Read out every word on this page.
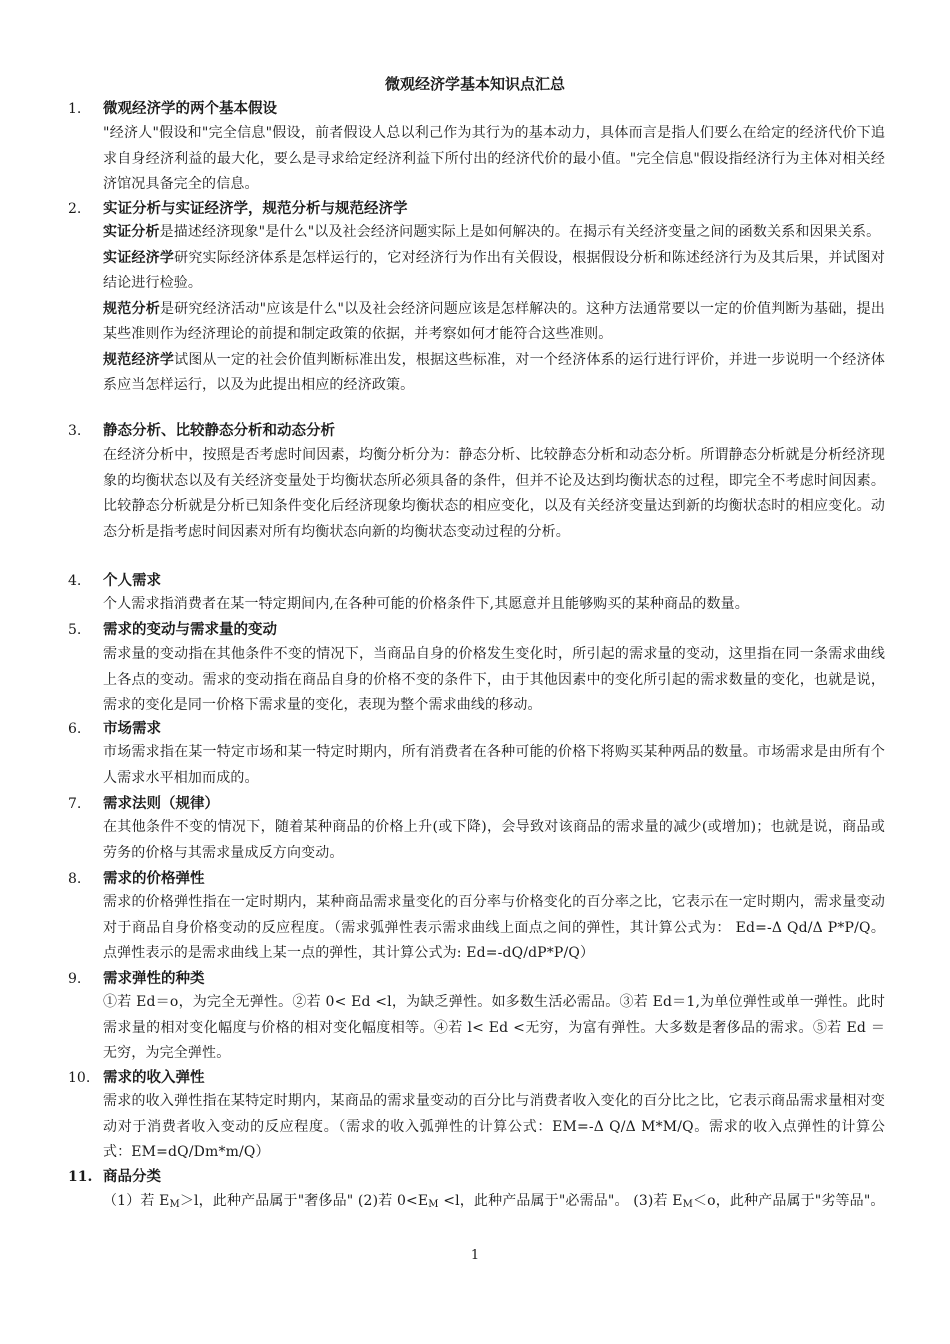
微观经济学基本知识点汇总
1. 微观经济学的两个基本假设

"经济人"假设和"完全信息"假设，前者假设人总以利己作为其行为的基本动力，具体而言是指人们要么在给定的经济代价下追求自身经济利益的最大化，要么是寻求给定经济利益下所付出的经济代价的最小值。"完全信息"假设指经济行为主体对相关经济馆况具备完全的信息。

2. 实证分析与实证经济学，规范分析与规范经济学

实证分析是描述经济现象"是什么"以及社会经济问题实际上是如何解决的。在揭示有关经济变量之间的函数关系和因果关系。

实证经济学研究实际经济体系是怎样运行的，它对经济行为作出有关假设，根据假设分析和陈述经济行为及其后果，并试图对结论进行检验。

规范分析是研究经济活动"应该是什么"以及社会经济问题应该是怎样解决的。这种方法通常要以一定的价值判断为基础，提出某些准则作为经济理论的前提和制定政策的依据，并考察如何才能符合这些准则。

规范经济学试图从一定的社会价值判断标准出发，根据这些标准，对一个经济体系的运行进行评价，并进一步说明一个经济体系应当怎样运行，以及为此提出相应的经济政策。

3. 静态分析、比较静态分析和动态分析

在经济分析中，按照是否考虑时间因素，均衡分析分为：静态分析、比较静态分析和动态分析。所谓静态分析就是分析经济现象的均衡状态以及有关经济变量处于均衡状态所必须具备的条件，但并不论及达到均衡状态的过程，即完全不考虑时间因素。比较静态分析就是分析已知条件变化后经济现象均衡状态的相应变化，以及有关经济变量达到新的均衡状态时的相应变化。动态分析是指考虑时间因素对所有均衡状态向新的均衡状态变动过程的分析。

4. 个人需求

个人需求指消费者在某一特定期间内,在各种可能的价格条件下,其愿意并且能够购买的某种商品的数量。

5. 需求的变动与需求量的变动

需求量的变动指在其他条件不变的情况下，当商品自身的价格发生变化时，所引起的需求量的变动，这里指在同一条需求曲线上各点的变动。需求的变动指在商品自身的价格不变的条件下，由于其他因素中的变化所引起的需求数量的变化，也就是说，需求的变化是同一价格下需求量的变化，表现为整个需求曲线的移动。

6. 市场需求

市场需求指在某一特定市场和某一特定时期内，所有消费者在各种可能的价格下将购买某种两品的数量。市场需求是由所有个人需求水平相加而成的。

7. 需求法则（规律）

在其他条件不变的情况下，随着某种商品的价格上升(或下降)，会导致对该商品的需求量的减少(或增加)；也就是说，商品或劳务的价格与其需求量成反方向变动。

8. 需求的价格弹性

需求的价格弹性指在一定时期内，某种商品需求量变化的百分率与价格变化的百分率之比，它表示在一定时期内，需求量变动对于商品自身价格变动的反应程度。（需求弧弹性表示需求曲线上面点之间的弹性，其计算公式为： Ed=-Δ Qd/Δ P*P/Q。点弹性表示的是需求曲线上某一点的弹性，其计算公式为: Ed=-dQ/dP*P/Q）

9. 需求弹性的种类

①若 Ed＝o，为完全无弹性。②若 0< Ed <l，为缺乏弹性。如多数生活必需品。③若 Ed＝1,为单位弹性或单一弹性。此时需求量的相对变化幅度与价格的相对变化幅度相等。④若 l< Ed <无穷，为富有弹性。大多数是奢侈品的需求。⑤若 Ed ＝无穷，为完全弹性。

10. 需求的收入弹性

需求的收入弹性指在某特定时期内，某商品的需求量变动的百分比与消费者收入变化的百分比之比，它表示商品需求量相对变动对于消费者收入变动的反应程度。（需求的收入弧弹性的计算公式：EM=-Δ Q/Δ M*M/Q。需求的收入点弹性的计算公式：EM=dQ/Dm*m/Q）

11. 商品分类

（1）若 $E_M>l$，此种产品属于"奢侈品" (2)若 $0<E_M <l$，此种产品属于"必需品"。 (3)若 $E_M<o$，此种产品属于"劣等品"。

1
